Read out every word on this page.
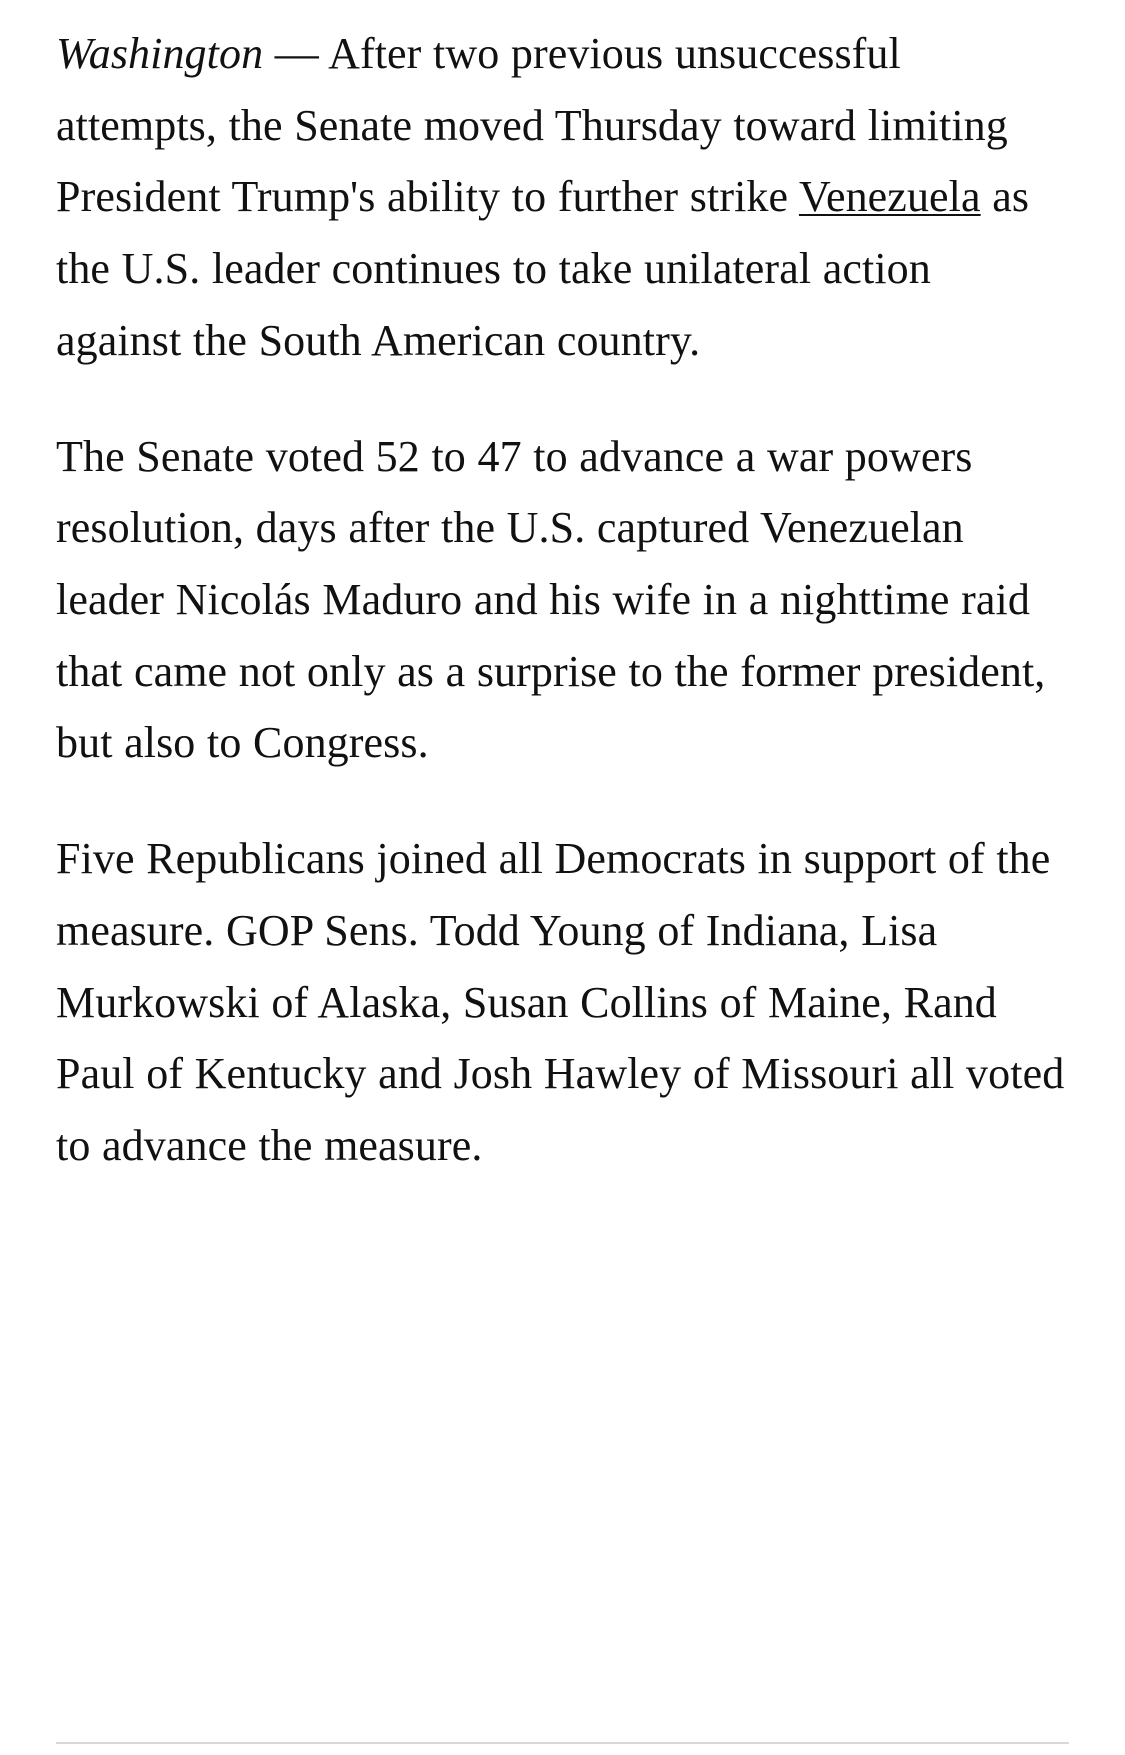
Washington — After two previous unsuccessful attempts, the Senate moved Thursday toward limiting President Trump's ability to further strike Venezuela as the U.S. leader continues to take unilateral action against the South American country.

The Senate voted 52 to 47 to advance a war powers resolution, days after the U.S. captured Venezuelan leader Nicolás Maduro and his wife in a nighttime raid that came not only as a surprise to the former president, but also to Congress.

Five Republicans joined all Democrats in support of the measure. GOP Sens. Todd Young of Indiana, Lisa Murkowski of Alaska, Susan Collins of Maine, Rand Paul of Kentucky and Josh Hawley of Missouri all voted to advance the measure.
